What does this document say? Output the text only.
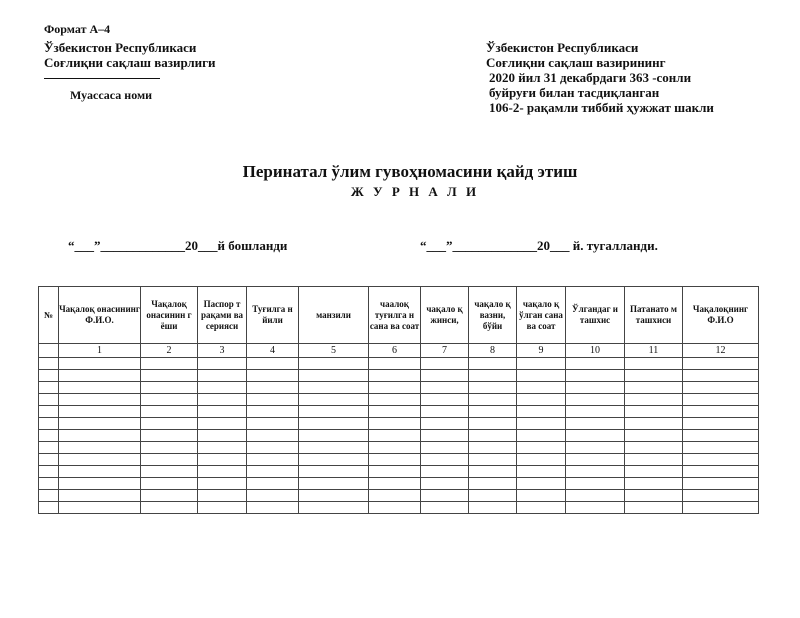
Формат А–4
Ўзбекистон Республикаси
Соғлиқни сақлаш вазирлиги
Муассаса номи
Ўзбекистон Республикаси
Соғлиқни сақлаш вазирининг
2020 йил 31 декабрдаги 363 -сонли
буйруғи билан тасдиқланган
106-2- рақамли тиббий ҳужжат шакли
Перинатал ўлим гувоҳномасини қайд этиш
Ж У Р Н А Л И
“___”_____________20___й бошланди	“___”_____________20___ й. тугалланди.
№	Чақалоқ онасининг Ф.И.О.	Чақалоқ онасинин г ёши	Паспор т рақами ва серияси	Туғилга н йили	манзили	чаалоқ туғилга н сана ва соат	чақало қ жинси,	чақало қ вазни, бўйи	чақало қ ўлган сана ва соат	Ўлгандаг и ташхис	Патанато м ташхиси	Чақалоқнинг Ф.И.О
	1	2	3	4	5	6	7	8	9	10	11	12
